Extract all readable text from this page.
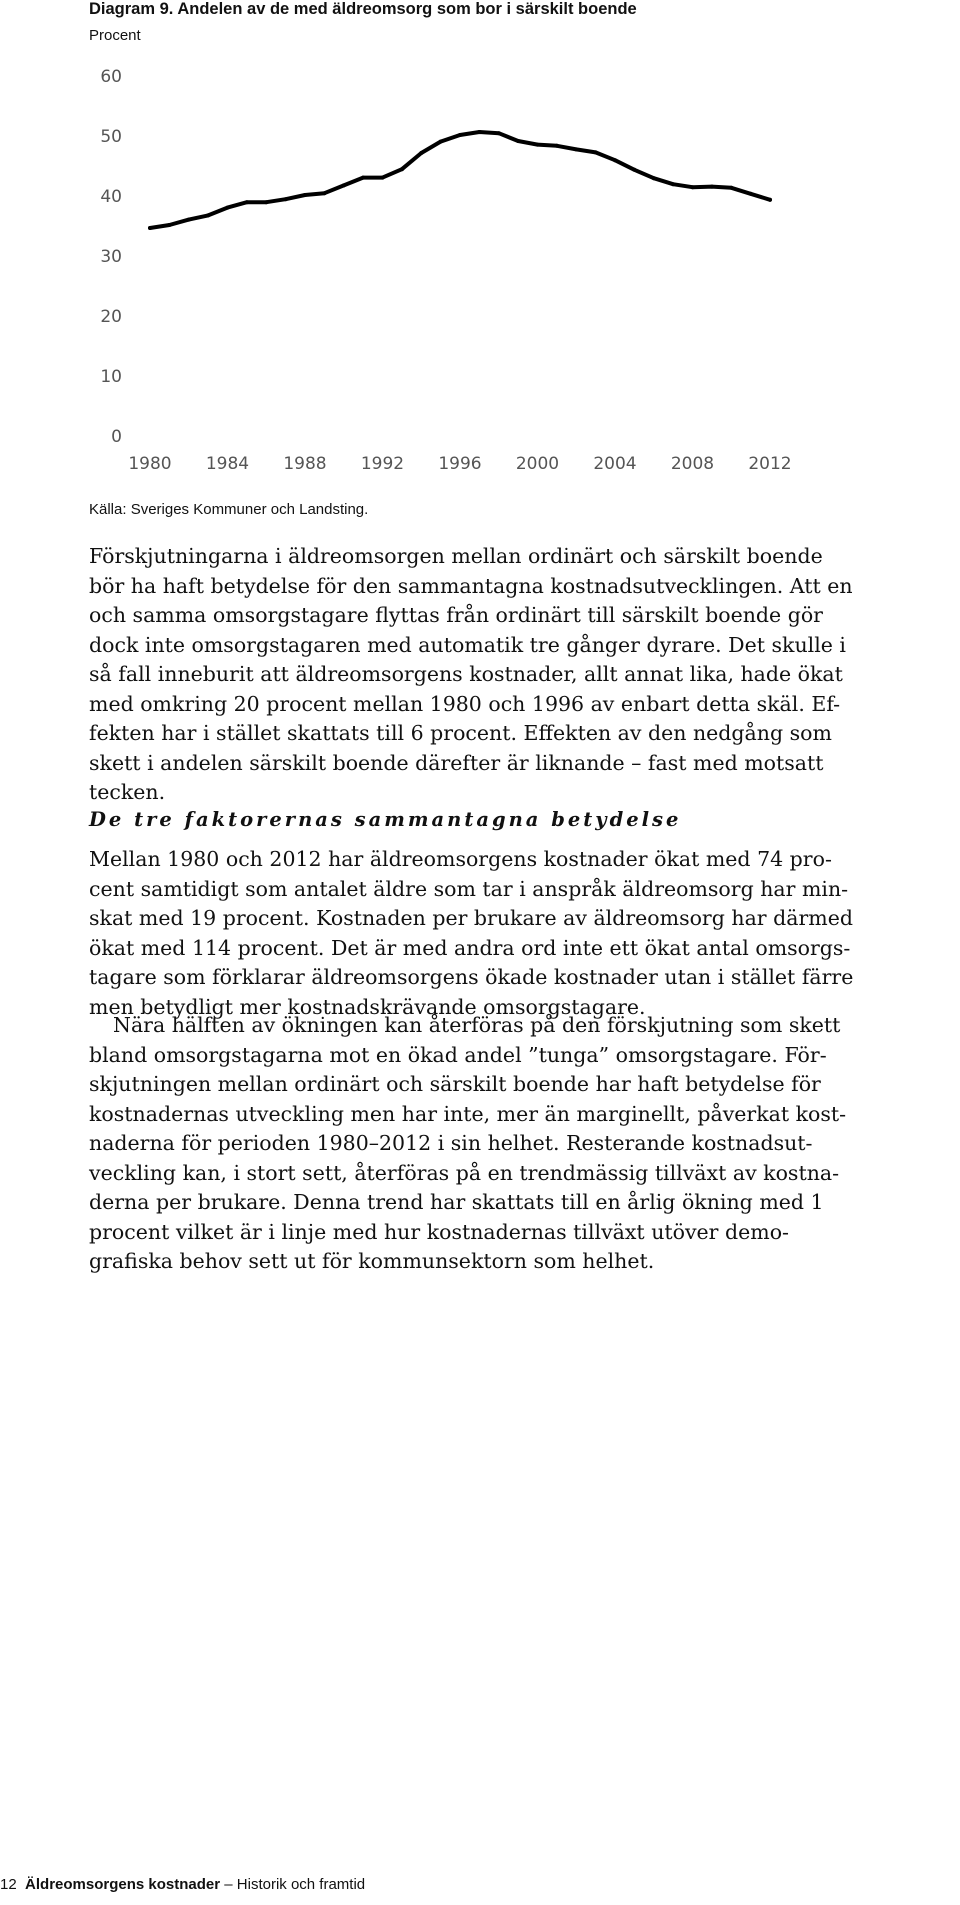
Diagram 9. Andelen av de med äldreomsorg som bor i särskilt boende
Procent
0
10
20
30
40
50
60
1980 1984 1988 1992 1996 2000 2004 2008 2012
Källa: Sveriges Kommuner och Landsting.
Förskjutningarna i äldreomsorgen mellan ordinärt och särskilt boende
bör ha haft betydelse för den sammantagna kostnadsutvecklingen. Att en
och samma omsorgstagare flyttas från ordinärt till särskilt boende gör
dock inte omsorgstagaren med automatik tre gånger dyrare. Det skulle i
så fall inneburit att äldreomsorgens kostnader, allt annat lika, hade ökat
med omkring 20 procent mellan 1980 och 1996 av enbart detta skäl. Ef-
fekten har i stället skattats till 6 procent. Effekten av den nedgång som
skett i andelen särskilt boende därefter är liknande – fast med motsatt
tecken.
De tre faktorernas sammantagna betydelse
Mellan 1980 och 2012 har äldreomsorgens kostnader ökat med 74 pro-
cent samtidigt som antalet äldre som tar i anspråk äldreomsorg har min-
skat med 19 procent. Kostnaden per brukare av äldreomsorg har därmed
ökat med 114 procent. Det är med andra ord inte ett ökat antal omsorgs-
tagare som förklarar äldreomsorgens ökade kostnader utan i stället färre
men betydligt mer kostnadskrävande omsorgstagare.
Nära hälften av ökningen kan återföras på den förskjutning som skett
bland omsorgstagarna mot en ökad andel ”tunga” omsorgstagare. För-
skjutningen mellan ordinärt och särskilt boende har haft betydelse för
kostnadernas utveckling men har inte, mer än marginellt, påverkat kost-
naderna för perioden 1980–2012 i sin helhet. Resterande kostnadsut-
veckling kan, i stort sett, återföras på en trendmässig tillväxt av kostna-
derna per brukare. Denna trend har skattats till en årlig ökning med 1
procent vilket är i linje med hur kostnadernas tillväxt utöver demo-
grafiska behov sett ut för kommunsektorn som helhet.
12 Äldreomsorgens kostnader – Historik och framtid
